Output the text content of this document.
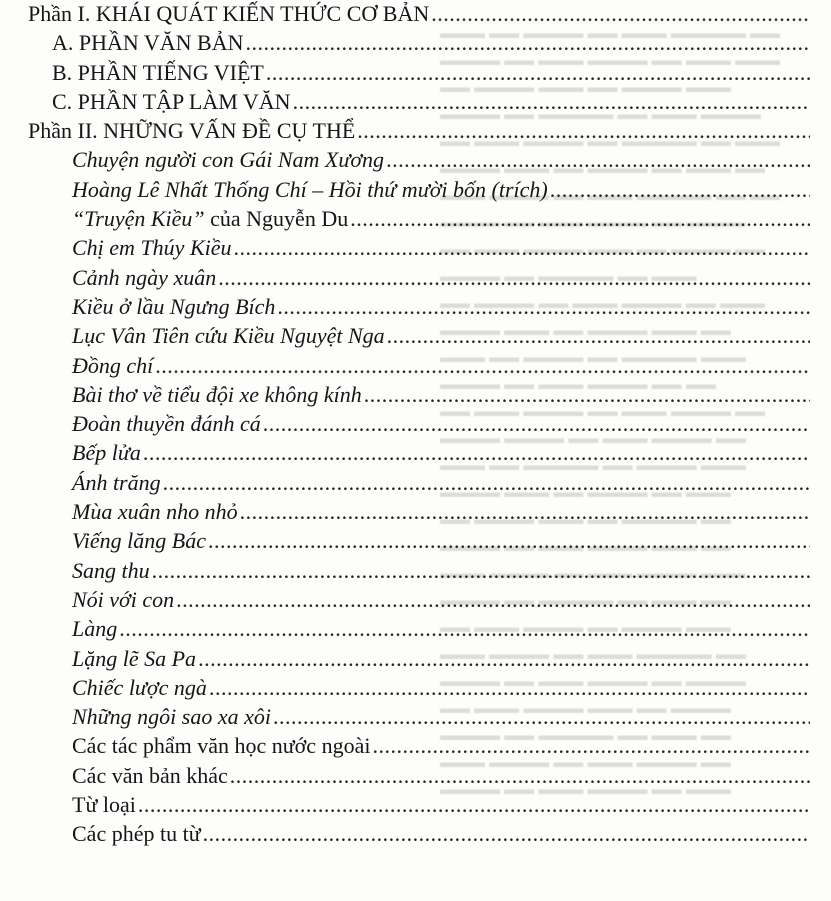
▬▬▬ ▬▬ ▬▬▬▬ ▬▬ ▬▬▬ ▬▬▬▬▬ ▬▬
▬▬▬▬ ▬▬ ▬▬▬ ▬▬▬▬ ▬▬ ▬▬▬ ▬▬▬
▬▬ ▬▬▬▬ ▬▬▬ ▬▬ ▬▬▬▬ ▬▬▬
▬▬▬▬ ▬▬ ▬▬▬▬▬ ▬▬ ▬▬▬ ▬▬▬▬
▬▬ ▬▬▬ ▬▬▬▬ ▬▬ ▬▬▬▬▬ ▬▬ ▬▬▬
▬▬▬▬ ▬▬▬ ▬▬ ▬▬▬▬ ▬▬ ▬▬▬ ▬▬
▬▬▬ ▬▬▬▬ ▬▬ ▬▬▬ ▬▬▬▬▬ ▬▬ ▬▬
▬▬▬▬ ▬▬ ▬▬▬ ▬▬▬▬ ▬▬ ▬▬▬▬
▬▬ ▬▬▬ ▬▬▬▬ ▬▬▬ ▬▬ ▬▬▬▬ ▬▬
▬▬▬▬ ▬▬ ▬▬▬▬▬ ▬▬ ▬▬▬
▬▬ ▬▬▬▬ ▬▬ ▬▬▬ ▬▬▬▬ ▬▬ ▬▬▬
▬▬▬▬ ▬▬▬ ▬▬ ▬▬▬▬ ▬▬▬ ▬▬
▬▬▬ ▬▬ ▬▬▬▬ ▬▬ ▬▬▬▬▬ ▬▬▬
▬▬▬▬ ▬▬ ▬▬▬ ▬▬▬▬ ▬▬ ▬▬
▬▬ ▬▬▬ ▬▬▬▬ ▬▬ ▬▬▬ ▬▬▬▬ ▬▬
▬▬▬▬ ▬▬▬▬ ▬▬ ▬▬▬ ▬▬▬▬ ▬▬
▬▬▬ ▬▬ ▬▬▬▬▬ ▬▬ ▬▬▬▬ ▬▬▬
▬▬▬▬ ▬▬▬ ▬▬ ▬▬▬▬ ▬▬ ▬▬▬
▬▬ ▬▬▬▬ ▬▬▬ ▬▬ ▬▬▬▬▬ ▬▬
▬▬▬▬ ▬▬ ▬▬▬ ▬▬▬▬ ▬▬▬ ▬▬
▬▬▬ ▬▬▬▬ ▬▬ ▬▬▬ ▬▬▬▬ ▬▬▬
▬▬▬▬ ▬▬ ▬▬▬▬▬ ▬▬ ▬▬▬ ▬▬
▬▬ ▬▬▬ ▬▬▬▬ ▬▬ ▬▬▬▬ ▬▬▬
▬▬▬ ▬▬▬▬ ▬▬ ▬▬▬ ▬▬▬▬▬ ▬▬
▬▬▬▬ ▬▬ ▬▬▬ ▬▬▬▬ ▬▬ ▬▬▬▬
▬▬ ▬▬▬ ▬▬▬▬ ▬▬▬ ▬▬ ▬▬▬▬
▬▬▬▬ ▬▬ ▬▬▬▬▬ ▬▬ ▬▬▬ ▬▬
▬▬▬ ▬▬▬▬ ▬▬ ▬▬▬ ▬▬▬▬ ▬▬
▬▬▬▬ ▬▬ ▬▬▬ ▬▬▬▬ ▬▬ ▬▬▬
Phần I. KHÁI QUÁT KIẾN THỨC CƠ BẢN
.....
A. PHẦN VĂN BẢN
.....
B. PHẦN TIẾNG VIỆT
.....
C. PHẦN TẬP LÀM VĂN
.....
Phần II. NHỮNG VẤN ĐỀ CỤ THỂ
.....
Chuyện người con Gái Nam Xương
.....
Hoàng Lê Nhất Thống Chí – Hồi thứ mười bốn (trích)
.....
“Truyện Kiều” của Nguyễn Du
.....
Chị em Thúy Kiều
.....
Cảnh ngày xuân
.....
Kiều ở lầu Ngưng Bích
.....
Lục Vân Tiên cứu Kiều Nguyệt Nga
.....
Đồng chí
.....
Bài thơ về tiểu đội xe không kính
.....
Đoàn thuyền đánh cá
.....
Bếp lửa
.....
Ánh trăng
.....
Mùa xuân nho nhỏ
.....
Viếng lăng Bác
.....
Sang thu
.....
Nói với con
.....
Làng
.....
Lặng lẽ Sa Pa
.....
Chiếc lược ngà
.....
Những ngôi sao xa xôi
.....
Các tác phẩm văn học nước ngoài
.....
Các văn bản khác
.....
Từ loại
.....
Các phép tu từ
.....
